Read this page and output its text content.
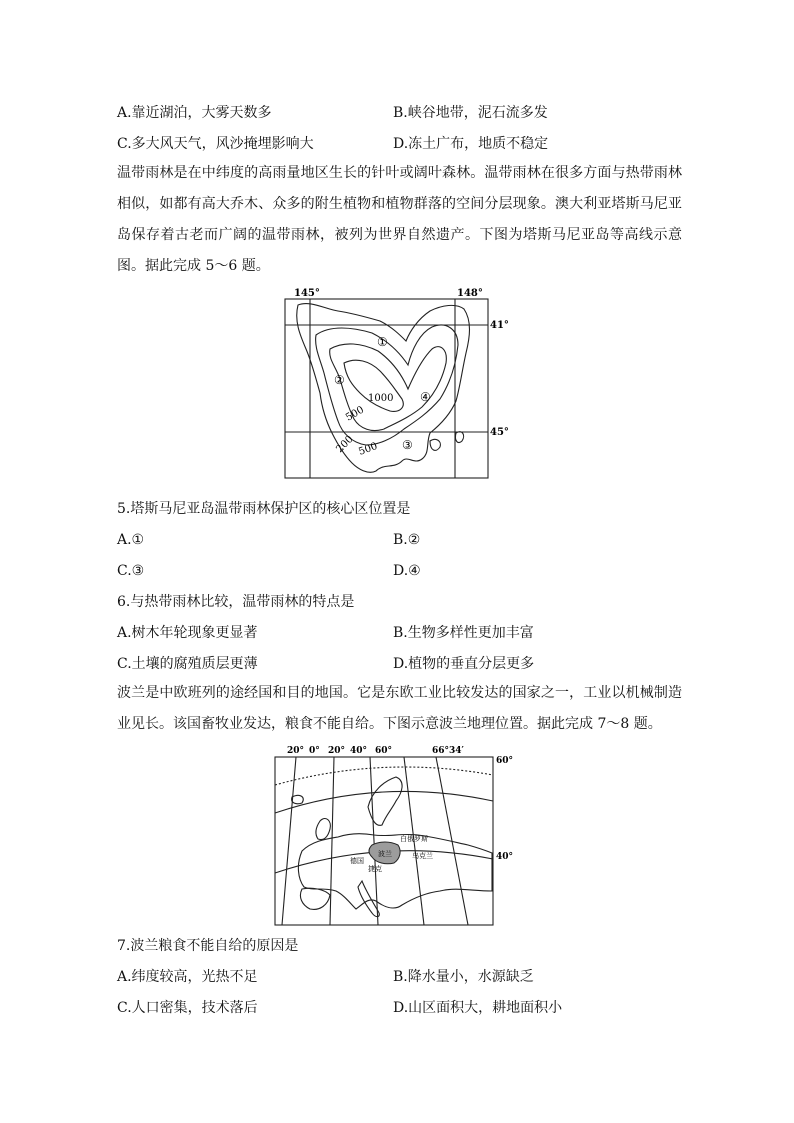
A.靠近湖泊，大雾天数多	B.峡谷地带，泥石流多发
C.多大风天气，风沙掩埋影响大	D.冻土广布，地质不稳定
温带雨林是在中纬度的高雨量地区生长的针叶或阔叶森林。温带雨林在很多方面与热带雨林相似，如都有高大乔木、众多的附生植物和植物群落的空间分层现象。澳大利亚塔斯马尼亚岛保存着古老而广阔的温带雨林，被列为世界自然遗产。下图为塔斯马尼亚岛等高线示意图。据此完成 5～6 题。
145°	148°
41°
45°
1000
500
500
200
①
②
③
④
5.塔斯马尼亚岛温带雨林保护区的核心区位置是
A.①	B.②
C.③	D.④
6.与热带雨林比较，温带雨林的特点是
A.树木年轮现象更显著	B.生物多样性更加丰富
C.土壤的腐殖质层更薄	D.植物的垂直分层更多
波兰是中欧班列的途经国和目的地国。它是东欧工业比较发达的国家之一，工业以机械制造业见长。该国畜牧业发达，粮食不能自给。下图示意波兰地理位置。据此完成 7～8 题。
20° 0° 20° 40° 60°	66°34′
60°
40°
波兰
德国
白俄罗斯
乌克兰
捷克
7.波兰粮食不能自给的原因是
A.纬度较高，光热不足	B.降水量小，水源缺乏
C.人口密集，技术落后	D.山区面积大，耕地面积小
